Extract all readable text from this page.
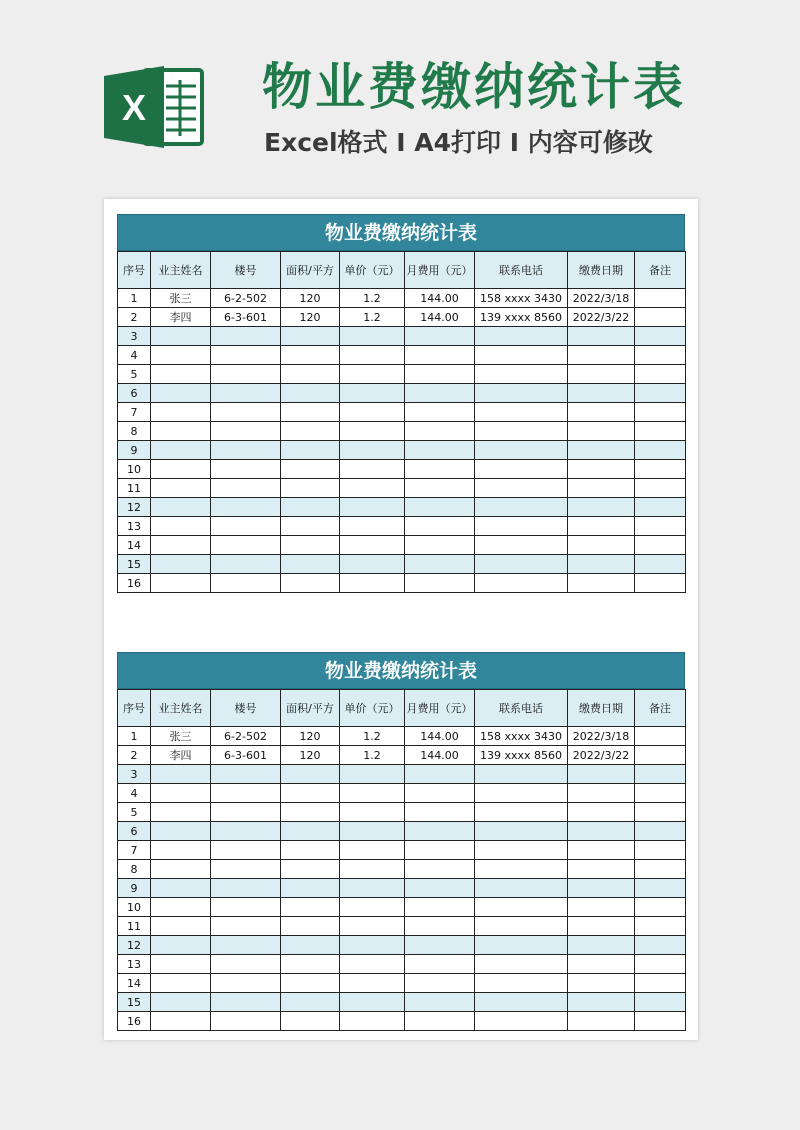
X 物业费缴纳统计表
Excel格式 I A4打印 I 内容可修改
物业费缴纳统计表
序号	业主姓名	楼号	面积/平方	单价（元）	月费用（元）	联系电话	缴费日期	备注
1	张三	6-2-502	120	1.2	144.00	158 xxxx 3430	2022/3/18	
2	李四	6-3-601	120	1.2	144.00	139 xxxx 8560	2022/3/22	
3								
4								
5								
6								
7								
8								
9								
10								
11								
12								
13								
14								
15								
16								
物业费缴纳统计表
序号	业主姓名	楼号	面积/平方	单价（元）	月费用（元）	联系电话	缴费日期	备注
1	张三	6-2-502	120	1.2	144.00	158 xxxx 3430	2022/3/18	
2	李四	6-3-601	120	1.2	144.00	139 xxxx 8560	2022/3/22	
3								
4								
5								
6								
7								
8								
9								
10								
11								
12								
13								
14								
15								
16								
